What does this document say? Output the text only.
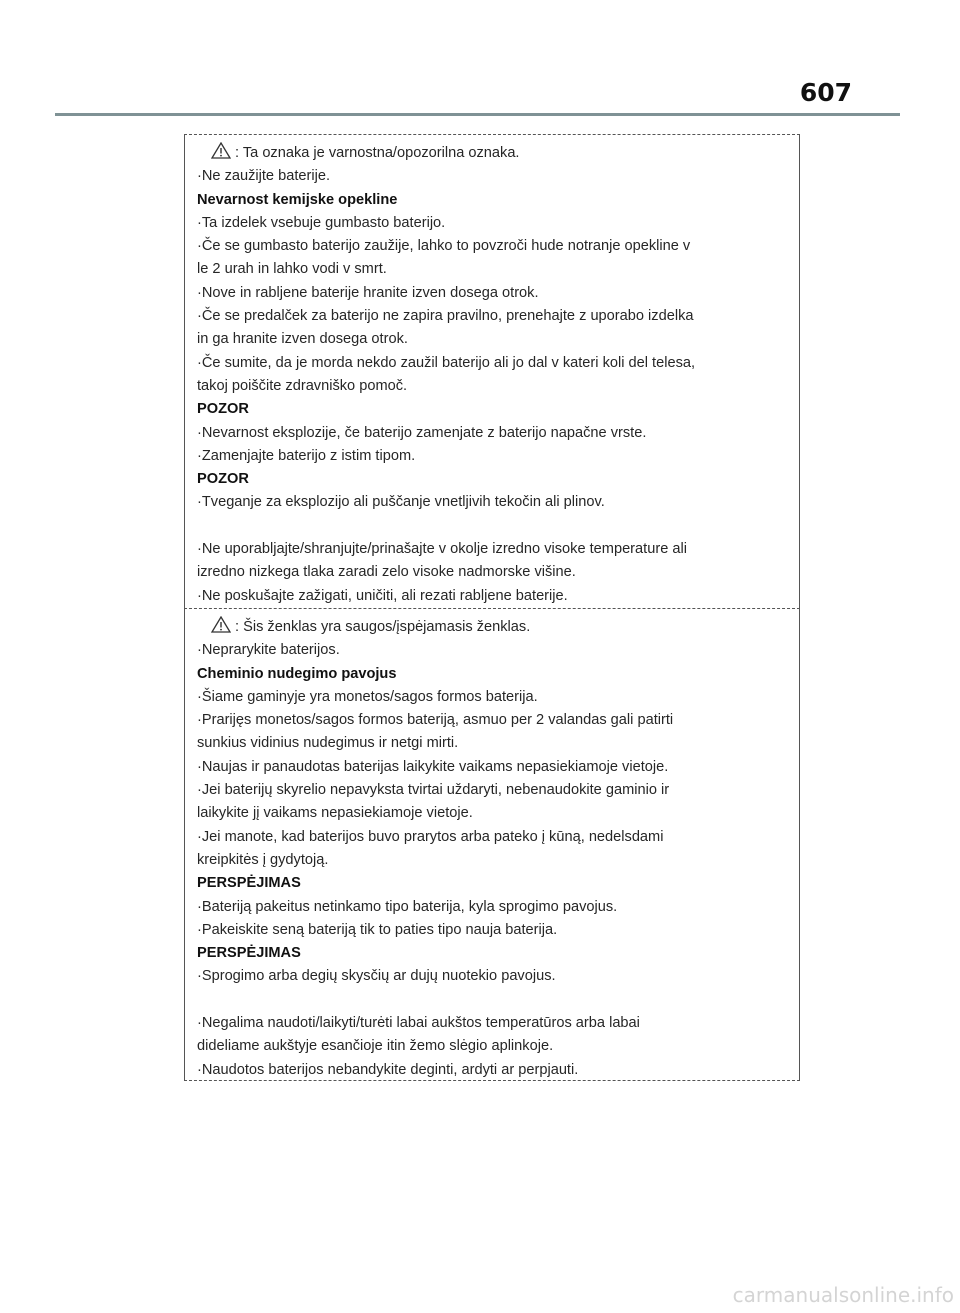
607
: Ta oznaka je varnostna/opozorilna oznaka.
·Ne zaužijte baterije.
Nevarnost kemijske opekline
·Ta izdelek vsebuje gumbasto baterijo.
·Če se gumbasto baterijo zaužije, lahko to povzroči hude notranje opekline v
le 2 urah in lahko vodi v smrt.
·Nove in rabljene baterije hranite izven dosega otrok.
·Če se predalček za baterijo ne zapira pravilno, prenehajte z uporabo izdelka
in ga hranite izven dosega otrok.
·Če sumite, da je morda nekdo zaužil baterijo ali jo dal v kateri koli del telesa,
takoj poiščite zdravniško pomoč.
POZOR
·Nevarnost eksplozije, če baterijo zamenjate z baterijo napačne vrste.
·Zamenjajte baterijo z istim tipom.
POZOR
·Tveganje za eksplozijo ali puščanje vnetljivih tekočin ali plinov.
·Ne uporabljajte/shranjujte/prinašajte v okolje izredno visoke temperature ali
izredno nizkega tlaka zaradi zelo visoke nadmorske višine.
·Ne poskušajte zažigati, uničiti, ali rezati rabljene baterije.
: Šis ženklas yra saugos/įspėjamasis ženklas.
·Neprarykite baterijos.
Cheminio nudegimo pavojus
·Šiame gaminyje yra monetos/sagos formos baterija.
·Prarijęs monetos/sagos formos bateriją, asmuo per 2 valandas gali patirti
sunkius vidinius nudegimus ir netgi mirti.
·Naujas ir panaudotas baterijas laikykite vaikams nepasiekiamoje vietoje.
·Jei baterijų skyrelio nepavyksta tvirtai uždaryti, nebenaudokite gaminio ir
laikykite jį vaikams nepasiekiamoje vietoje.
·Jei manote, kad baterijos buvo prarytos arba pateko į kūną, nedelsdami
kreipkitės į gydytoją.
PERSPĖJIMAS
·Bateriją pakeitus netinkamo tipo baterija, kyla sprogimo pavojus.
·Pakeiskite seną bateriją tik to paties tipo nauja baterija.
PERSPĖJIMAS
·Sprogimo arba degių skysčių ar dujų nuotekio pavojus.
·Negalima naudoti/laikyti/turėti labai aukštos temperatūros arba labai
dideliame aukštyje esančioje itin žemo slėgio aplinkoje.
·Naudotos baterijos nebandykite deginti, ardyti ar perpjauti.
carmanualsonline.info
